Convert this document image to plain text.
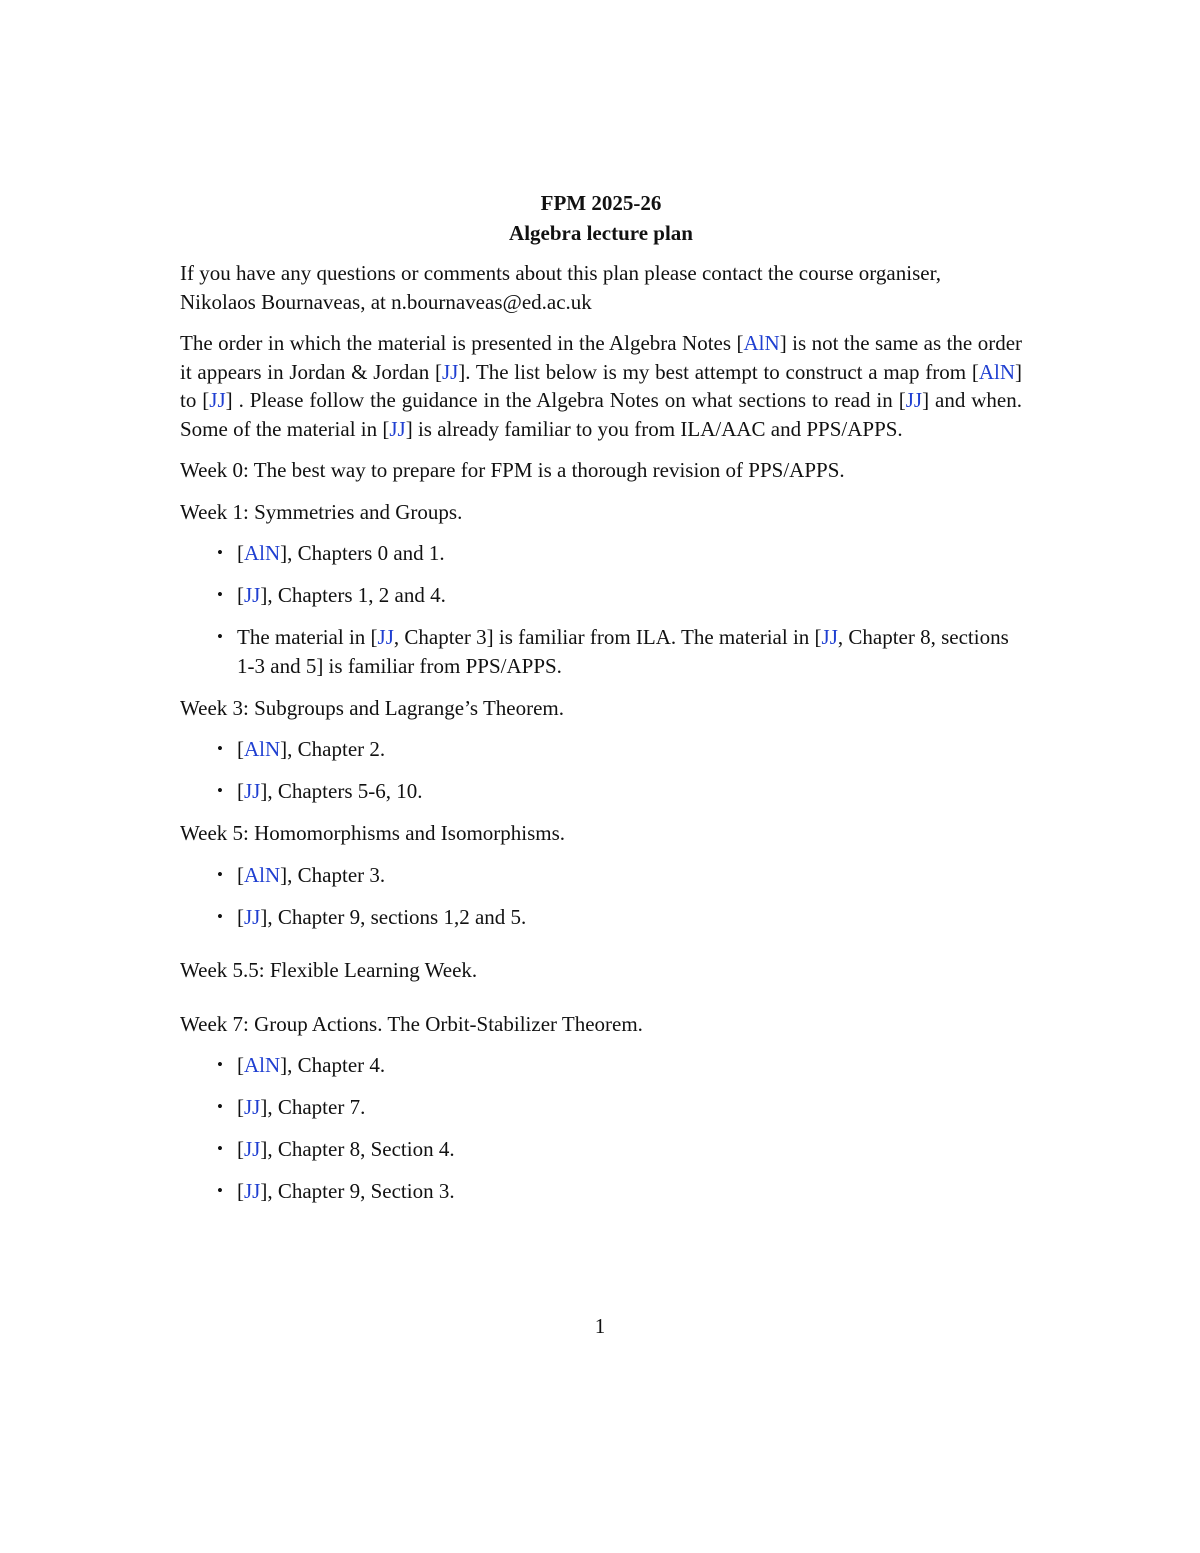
FPM 2025-26
Algebra lecture plan

If you have any questions or comments about this plan please contact the course organiser, Nikolaos Bournaveas, at n.bournaveas@ed.ac.uk

The order in which the material is presented in the Algebra Notes [AlN] is not the same as the order it appears in Jordan & Jordan [JJ]. The list below is my best attempt to construct a map from [AlN] to [JJ] . Please follow the guidance in the Algebra Notes on what sections to read in [JJ] and when. Some of the material in [JJ] is already familiar to you from ILA/AAC and PPS/APPS.

Week 0: The best way to prepare for FPM is a thorough revision of PPS/APPS.
Week 1: Symmetries and Groups.
• [AlN], Chapters 0 and 1.
• [JJ], Chapters 1, 2 and 4.
• The material in [JJ, Chapter 3] is familiar from ILA. The material in [JJ, Chapter 8, sections 1-3 and 5] is familiar from PPS/APPS.
Week 3: Subgroups and Lagrange’s Theorem.
• [AlN], Chapter 2.
• [JJ], Chapters 5-6, 10.
Week 5: Homomorphisms and Isomorphisms.
• [AlN], Chapter 3.
• [JJ], Chapter 9, sections 1,2 and 5.
Week 5.5: Flexible Learning Week.
Week 7: Group Actions. The Orbit-Stabilizer Theorem.
• [AlN], Chapter 4.
• [JJ], Chapter 7.
• [JJ], Chapter 8, Section 4.
• [JJ], Chapter 9, Section 3.
1
